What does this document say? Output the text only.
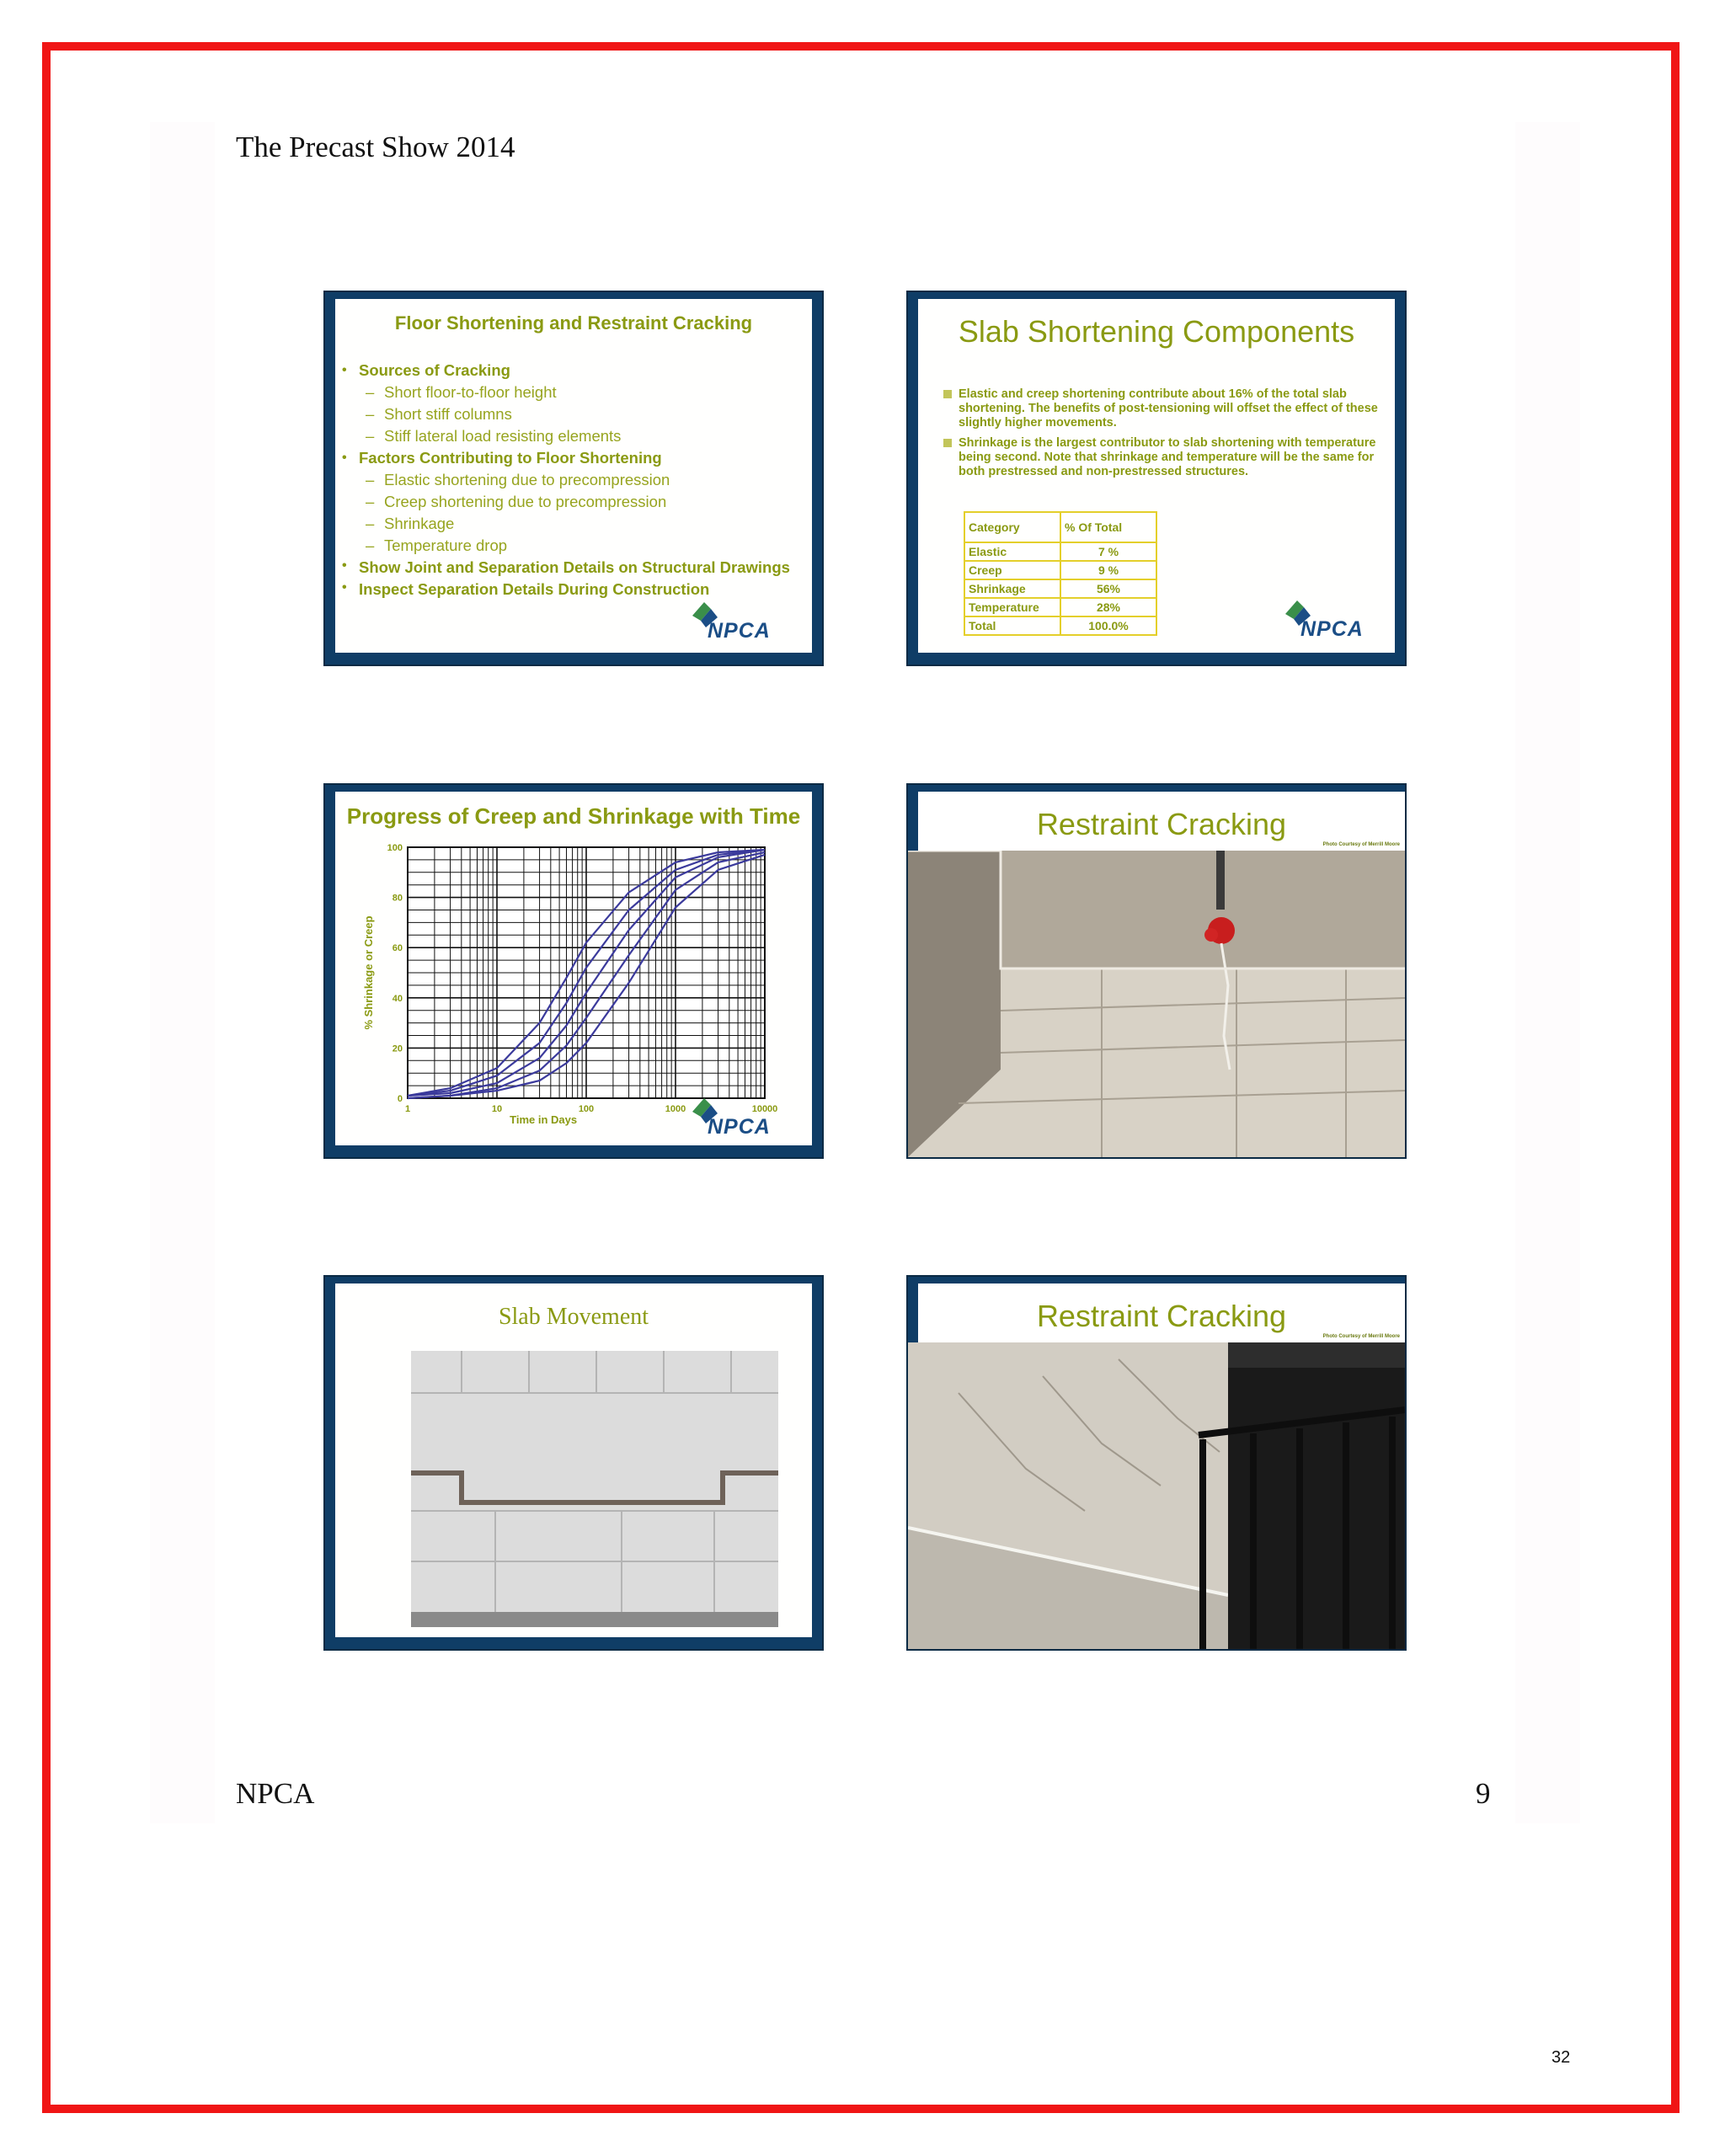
The Precast Show 2014
NPCA	9
32
Floor Shortening and Restraint Cracking
• Sources of Cracking
– Short floor-to-floor height
– Short stiff columns
– Stiff lateral load resisting elements
• Factors Contributing to Floor Shortening
– Elastic shortening due to precompression
– Creep shortening due to precompression
– Shrinkage
– Temperature drop
• Show Joint and Separation Details on Structural Drawings
• Inspect Separation Details During Construction
NPCA
Slab Shortening Components
Elastic and creep shortening contribute about 16% of the total slab shortening. The benefits of post-tensioning will offset the effect of these slightly higher movements.
Shrinkage is the largest contributor to slab shortening with temperature being second. Note that shrinkage and temperature will be the same for both prestressed and non-prestressed structures.
Category	% Of Total
Elastic	7 %
Creep	9 %
Shrinkage	56%
Temperature	28%
Total	100.0%	NPCA
Progress of Creep and Shrinkage with Time
0
20
40
60
80
100
1	10	100	1000	10000
% Shrinkage or Creep
Time in Days	NPCA
Restraint Cracking
Photo Courtesy of Merrill Moore
Slab Movement	Restraint Cracking
Photo Courtesy of Merrill Moore
